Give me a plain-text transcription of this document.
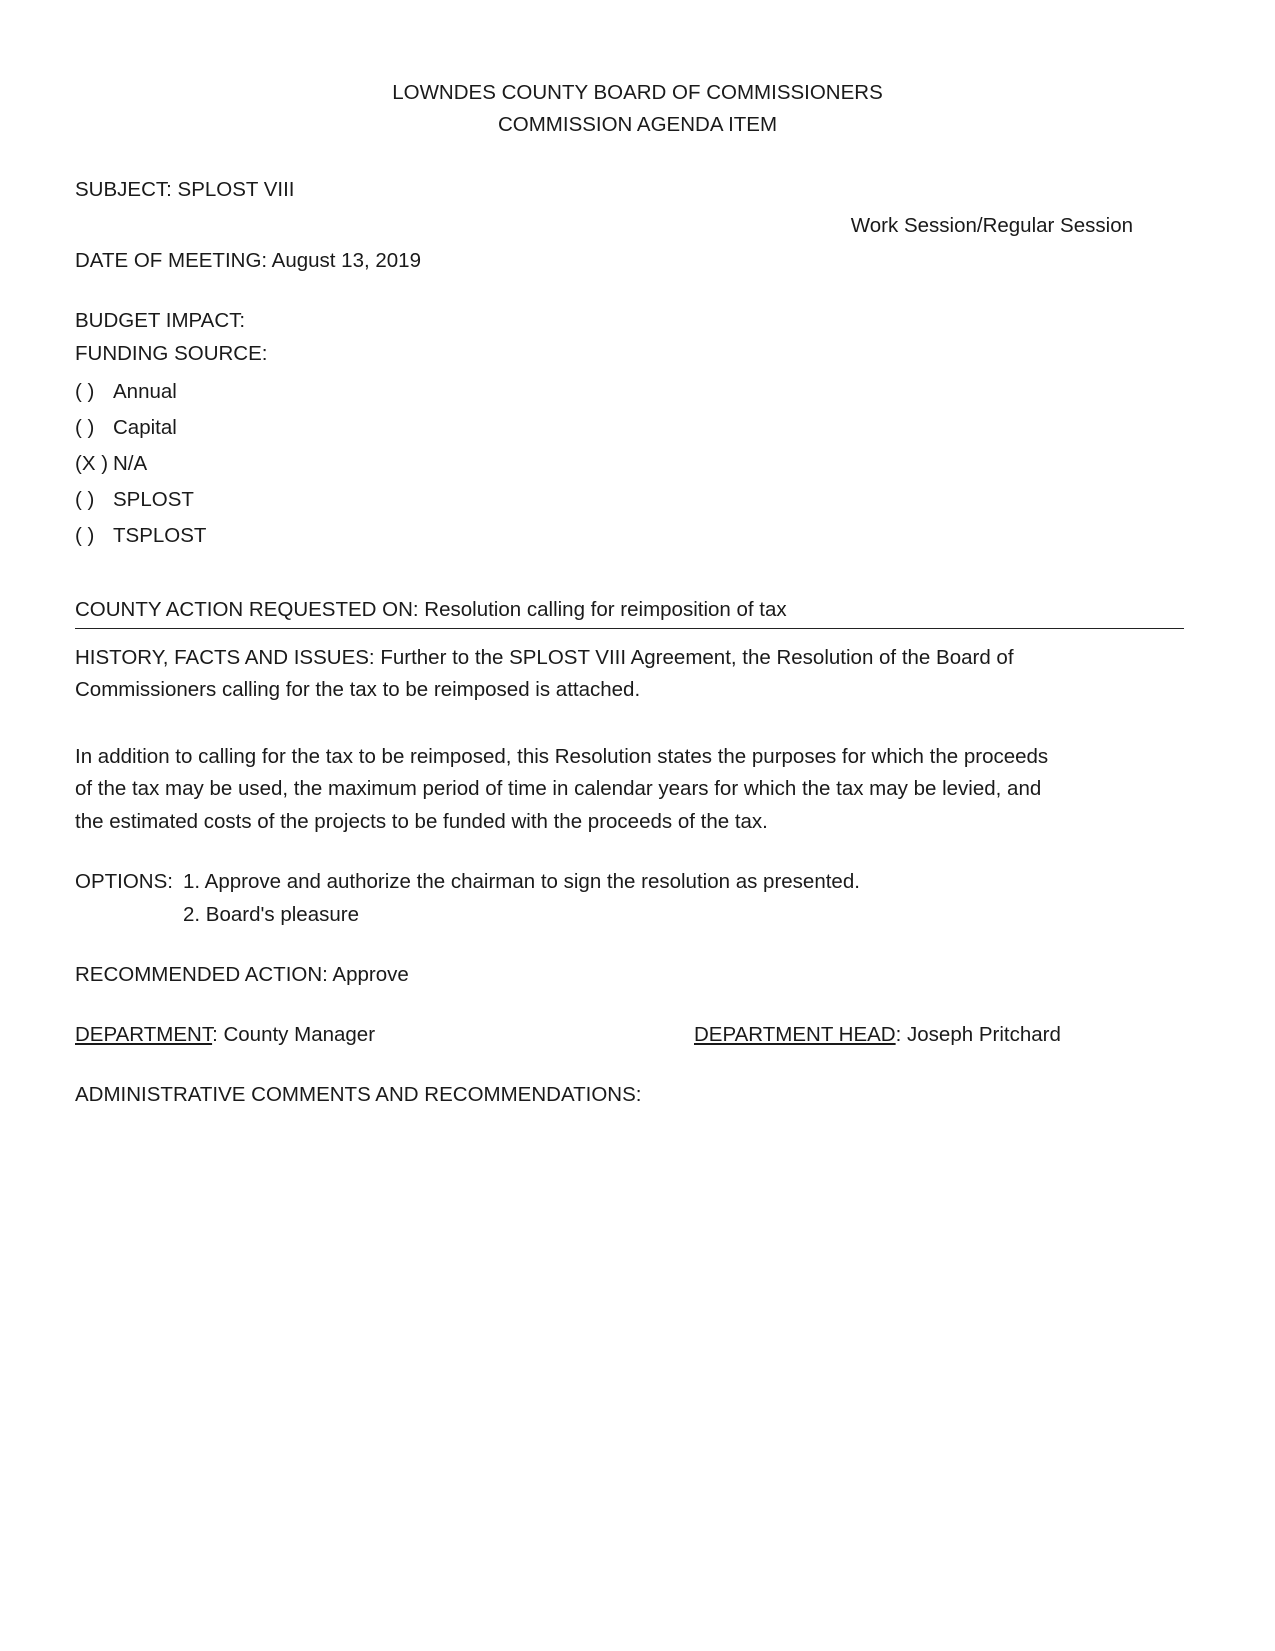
LOWNDES COUNTY BOARD OF COMMISSIONERS
COMMISSION AGENDA ITEM
SUBJECT: SPLOST VIII
Work Session/Regular Session
DATE OF MEETING: August 13, 2019
BUDGET IMPACT:
FUNDING SOURCE:
( ) Annual
( ) Capital
(X ) N/A
( ) SPLOST
( ) TSPLOST
COUNTY ACTION REQUESTED ON: Resolution calling for reimposition of tax
HISTORY, FACTS AND ISSUES: Further to the SPLOST VIII Agreement, the Resolution of the Board of
Commissioners calling for the tax to be reimposed is attached.
In addition to calling for the tax to be reimposed, this Resolution states the purposes for which the proceeds
of the tax may be used, the maximum period of time in calendar years for which the tax may be levied, and
the estimated costs of the projects to be funded with the proceeds of the tax.
OPTIONS: 1. Approve and authorize the chairman to sign the resolution as presented.
2. Board's pleasure
RECOMMENDED ACTION: Approve
DEPARTMENT: County Manager	DEPARTMENT HEAD: Joseph Pritchard
ADMINISTRATIVE COMMENTS AND RECOMMENDATIONS:
